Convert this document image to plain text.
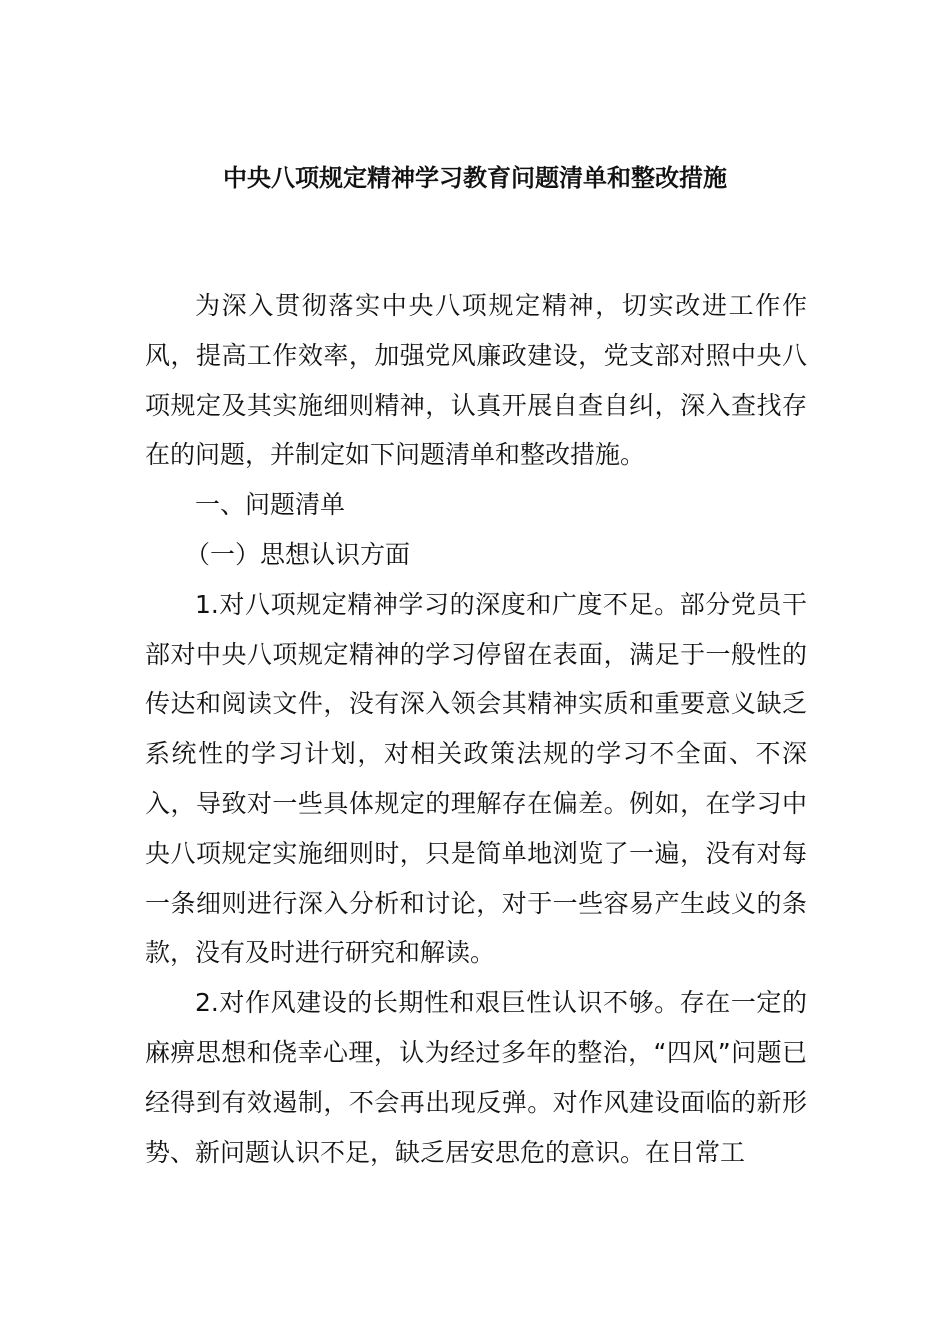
中央八项规定精神学习教育问题清单和整改措施

为深入贯彻落实中央八项规定精神，切实改进工作作风，提高工作效率，加强党风廉政建设，党支部对照中央八项规定及其实施细则精神，认真开展自查自纠，深入查找存在的问题，并制定如下问题清单和整改措施。

一、问题清单

（一）思想认识方面

1.对八项规定精神学习的深度和广度不足。部分党员干部对中央八项规定精神的学习停留在表面，满足于一般性的传达和阅读文件，没有深入领会其精神实质和重要意义缺乏系统性的学习计划，对相关政策法规的学习不全面、不深入，导致对一些具体规定的理解存在偏差。例如，在学习中央八项规定实施细则时，只是简单地浏览了一遍，没有对每一条细则进行深入分析和讨论，对于一些容易产生歧义的条款，没有及时进行研究和解读。

2.对作风建设的长期性和艰巨性认识不够。存在一定的麻痹思想和侥幸心理，认为经过多年的整治，“四风”问题已经得到有效遏制，不会再出现反弹。对作风建设面临的新形势、新问题认识不足，缺乏居安思危的意识。在日常工
